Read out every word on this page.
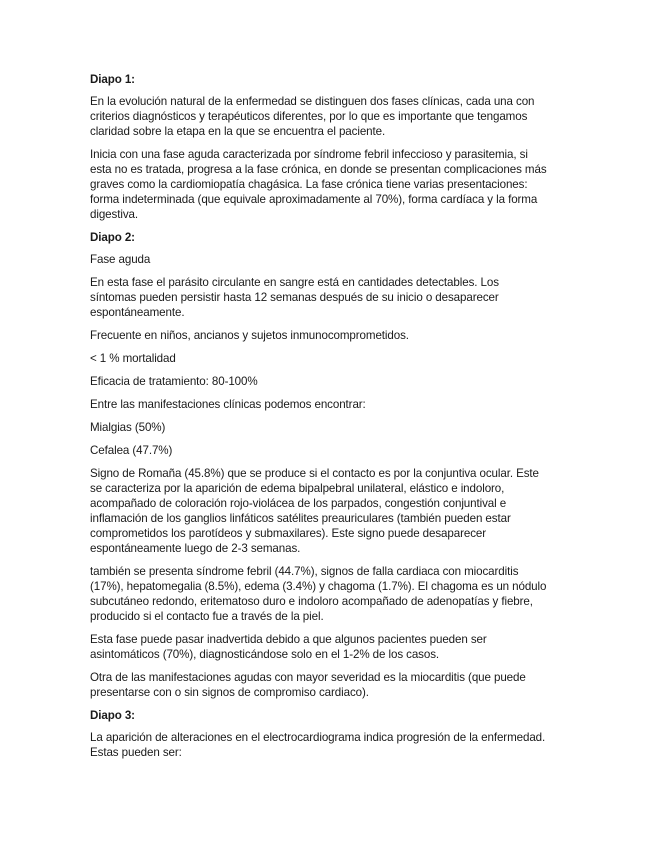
Diapo 1:
En la evolución natural de la enfermedad se distinguen dos fases clínicas, cada una con
criterios diagnósticos y terapéuticos diferentes, por lo que es importante que tengamos
claridad sobre la etapa en la que se encuentra el paciente.
Inicia con una fase aguda caracterizada por síndrome febril infeccioso y parasitemia, si
esta no es tratada, progresa a la fase crónica, en donde se presentan complicaciones más
graves como la cardiomiopatía chagásica. La fase crónica tiene varias presentaciones:
forma indeterminada (que equivale aproximadamente al 70%), forma cardíaca y la forma
digestiva.
Diapo 2:
Fase aguda
En esta fase el parásito circulante en sangre está en cantidades detectables. Los
síntomas pueden persistir hasta 12 semanas después de su inicio o desaparecer
espontáneamente.
Frecuente en niños, ancianos y sujetos inmunocomprometidos.
< 1 % mortalidad
Eficacia de tratamiento: 80-100%
Entre las manifestaciones clínicas podemos encontrar:
Mialgias (50%)
Cefalea (47.7%)
Signo de Romaña (45.8%) que se produce si el contacto es por la conjuntiva ocular. Este
se caracteriza por la aparición de edema bipalpebral unilateral, elástico e indoloro,
acompañado de coloración rojo-violácea de los parpados, congestión conjuntival e
inflamación de los ganglios linfáticos satélites preauriculares (también pueden estar
comprometidos los parotídeos y submaxilares). Este signo puede desaparecer
espontáneamente luego de 2-3 semanas.
también se presenta síndrome febril (44.7%), signos de falla cardiaca con miocarditis
(17%), hepatomegalia (8.5%), edema (3.4%) y chagoma (1.7%). El chagoma es un nódulo
subcutáneo redondo, eritematoso duro e indoloro acompañado de adenopatías y fiebre,
producido si el contacto fue a través de la piel.
Esta fase puede pasar inadvertida debido a que algunos pacientes pueden ser
asintomáticos (70%), diagnosticándose solo en el 1-2% de los casos.
Otra de las manifestaciones agudas con mayor severidad es la miocarditis (que puede
presentarse con o sin signos de compromiso cardiaco).
Diapo 3:
La aparición de alteraciones en el electrocardiograma indica progresión de la enfermedad.
Estas pueden ser:
